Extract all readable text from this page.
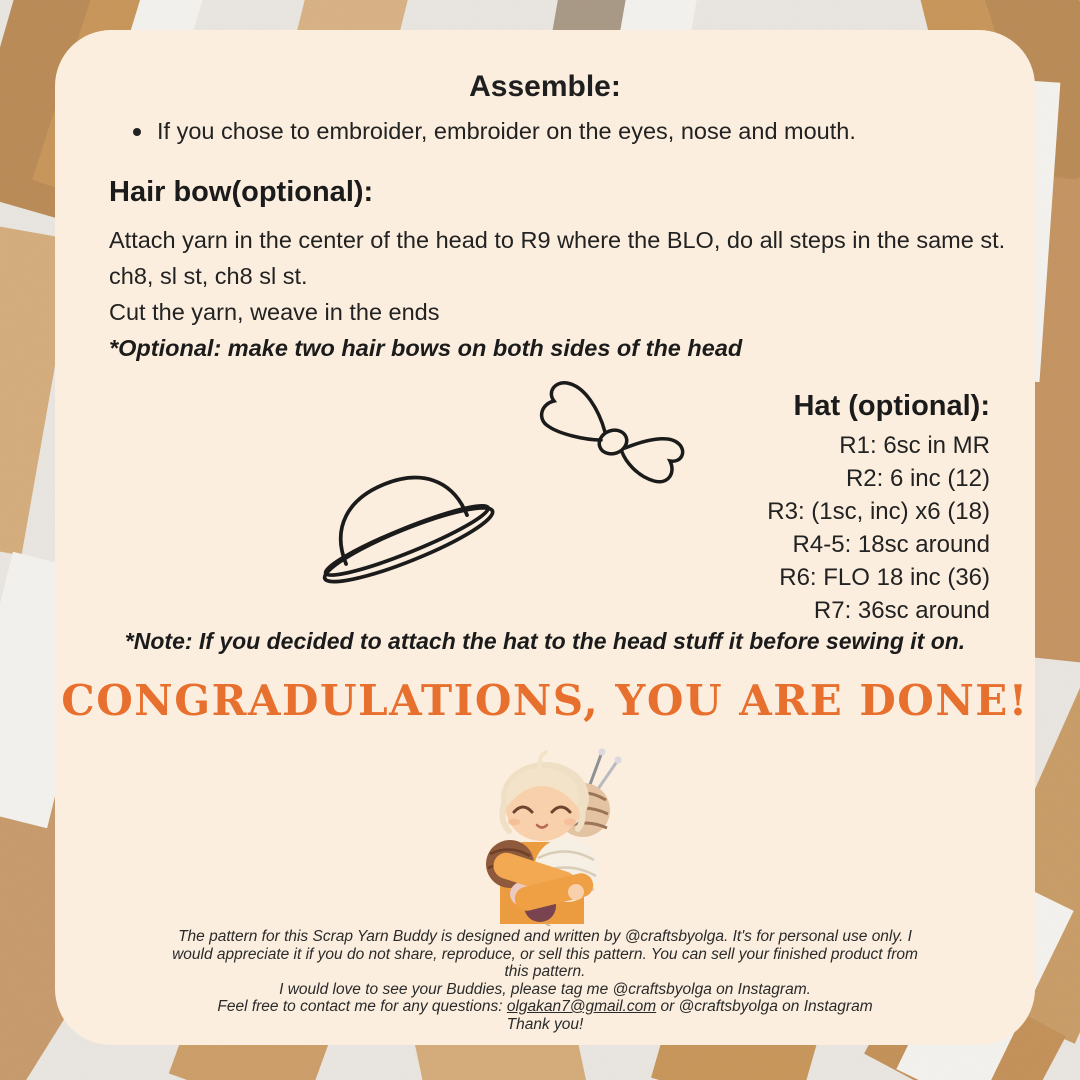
Assemble:
If you chose to embroider, embroider on the eyes, nose and mouth.
Hair bow(optional):
Attach yarn in the center of the head to R9 where the BLO, do all steps in the same st. ch8, sl st, ch8 sl st.
Cut the yarn, weave in the ends
*Optional: make two hair bows on both sides of the head
Hat (optional):
R1: 6sc in MR
R2: 6 inc (12)
R3: (1sc, inc) x6 (18)
R4-5: 18sc around
R6: FLO 18 inc (36)
R7: 36sc around
*Note: If you decided to attach the hat to the head stuff it before sewing it on.
CONGRADULATIONS, YOU ARE DONE!
The pattern for this Scrap Yarn Buddy is designed and written by @craftsbyolga. It's for personal use only. I
would appreciate it if you do not share, reproduce, or sell this pattern. You can sell your finished product from
this pattern.
I would love to see your Buddies, please tag me @craftsbyolga on Instagram.
Feel free to contact me for any questions: olgakan7@gmail.com or @craftsbyolga on Instagram
Thank you!
